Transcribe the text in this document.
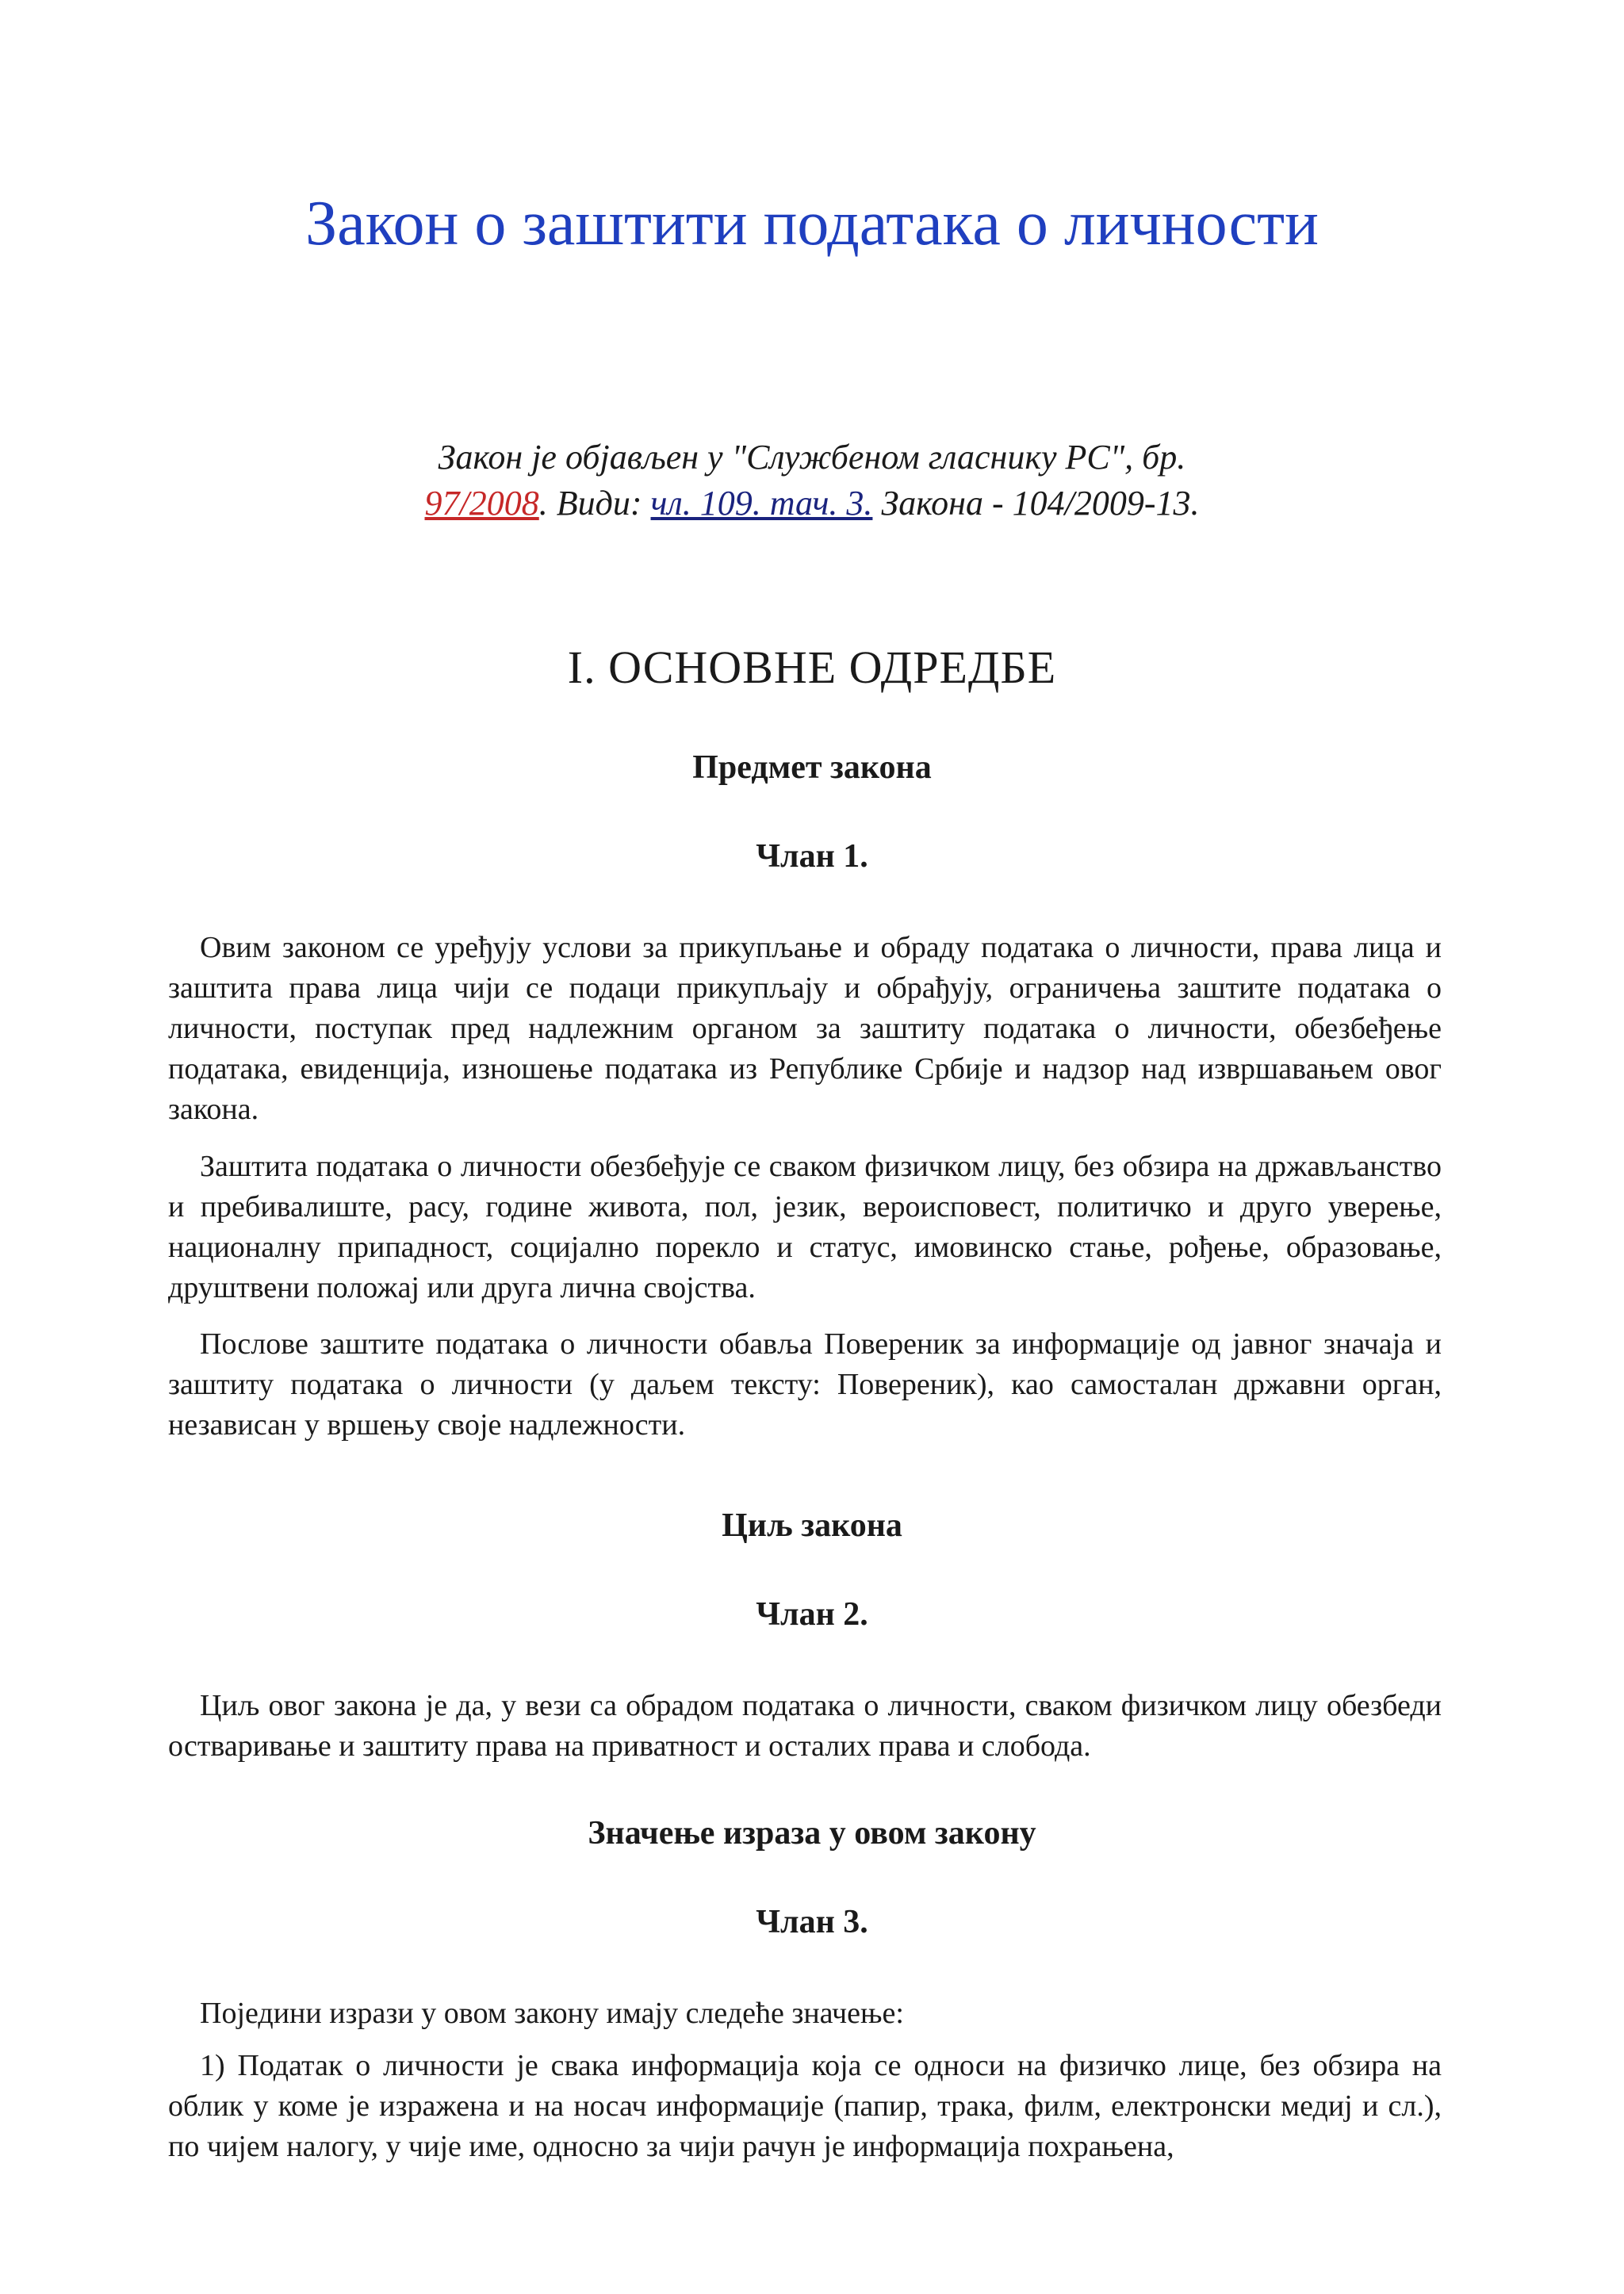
Закон о заштити података о личности
Закон је објављен у "Службеном гласнику РС", бр.
97/2008. Види: чл. 109. тач. 3. Закона - 104/2009-13.
I. ОСНОВНЕ ОДРЕДБЕ
Предмет закона
Члан 1.

Овим законом се уређују услови за прикупљање и обраду података о личности, права лица и заштита права лица чији се подаци прикупљају и обрађују, ограничења заштите података о личности, поступак пред надлежним органом за заштиту података о личности, обезбеђење података, евиденција, изношење података из Републике Србије и надзор над извршавањем овог закона.

Заштита података о личности обезбеђује се сваком физичком лицу, без обзира на држављанство и пребивалиште, расу, године живота, пол, језик, вероисповест, политичко и друго уверење, националну припадност, социјално порекло и статус, имовинско стање, рођење, образовање, друштвени положај или друга лична својства.

Послове заштите података о личности обавља Повереник за информације од јавног значаја и заштиту података о личности (у даљем тексту: Повереник), као самосталан државни орган, независан у вршењу своје надлежности.

Циљ закона
Члан 2.

Циљ овог закона је да, у вези са обрадом података о личности, сваком физичком лицу обезбеди остваривање и заштиту права на приватност и осталих права и слобода.

Значење израза у овом закону
Члан 3.

Поједини изрази у овом закону имају следеће значење:

1) Податак о личности је свака информација која се односи на физичко лице, без обзира на облик у коме је изражена и на носач информације (папир, трака, филм, електронски медиј и сл.), по чијем налогу, у чије име, односно за чији рачун је информација похрањена,
